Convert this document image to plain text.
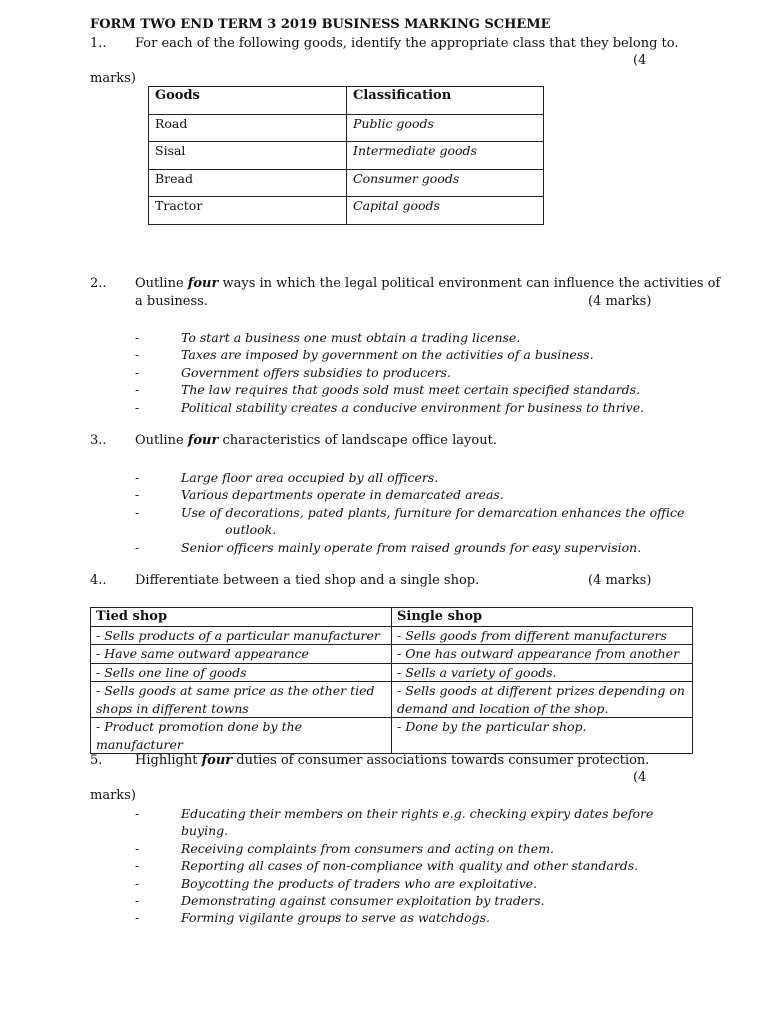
FORM TWO END TERM 3 2019 BUSINESS MARKING SCHEME
1.. For each of the following goods, identify the appropriate class that they belong to.
(4
marks)
Goods	Classification
Road	Public goods
Sisal	Intermediate goods
Bread	Consumer goods
Tractor	Capital goods
2.. Outline four ways in which the legal political environment can influence the activities of
a business.	(4 marks)
-	To start a business one must obtain a trading license.
-	Taxes are imposed by government on the activities of a business.
-	Government offers subsidies to producers.
-	The law requires that goods sold must meet certain specified standards.
-	Political stability creates a conducive environment for business to thrive.
3.. Outline four characteristics of landscape office layout.
-	Large floor area occupied by all officers.
-	Various departments operate in demarcated areas.
-	Use of decorations, pated plants, furniture for demarcation enhances the office
outlook.
-	Senior officers mainly operate from raised grounds for easy supervision.
4.. Differentiate between a tied shop and a single shop.	(4 marks)
Tied shop	Single shop
- Sells products of a particular manufacturer	- Sells goods from different manufacturers
- Have same outward appearance	- One has outward appearance from another
- Sells one line of goods	- Sells a variety of goods.
- Sells goods at same price as the other tied shops in different towns	- Sells goods at different prizes depending on demand and location of the shop.
- Product promotion done by the manufacturer	- Done by the particular shop.
5.	Highlight four duties of consumer associations towards consumer protection.
(4
marks)
-	Educating their members on their rights e.g. checking expiry dates before buying.
-	Receiving complaints from consumers and acting on them.
-	Reporting all cases of non-compliance with quality and other standards.
-	Boycotting the products of traders who are exploitative.
-	Demonstrating against consumer exploitation by traders.
-	Forming vigilante groups to serve as watchdogs.
